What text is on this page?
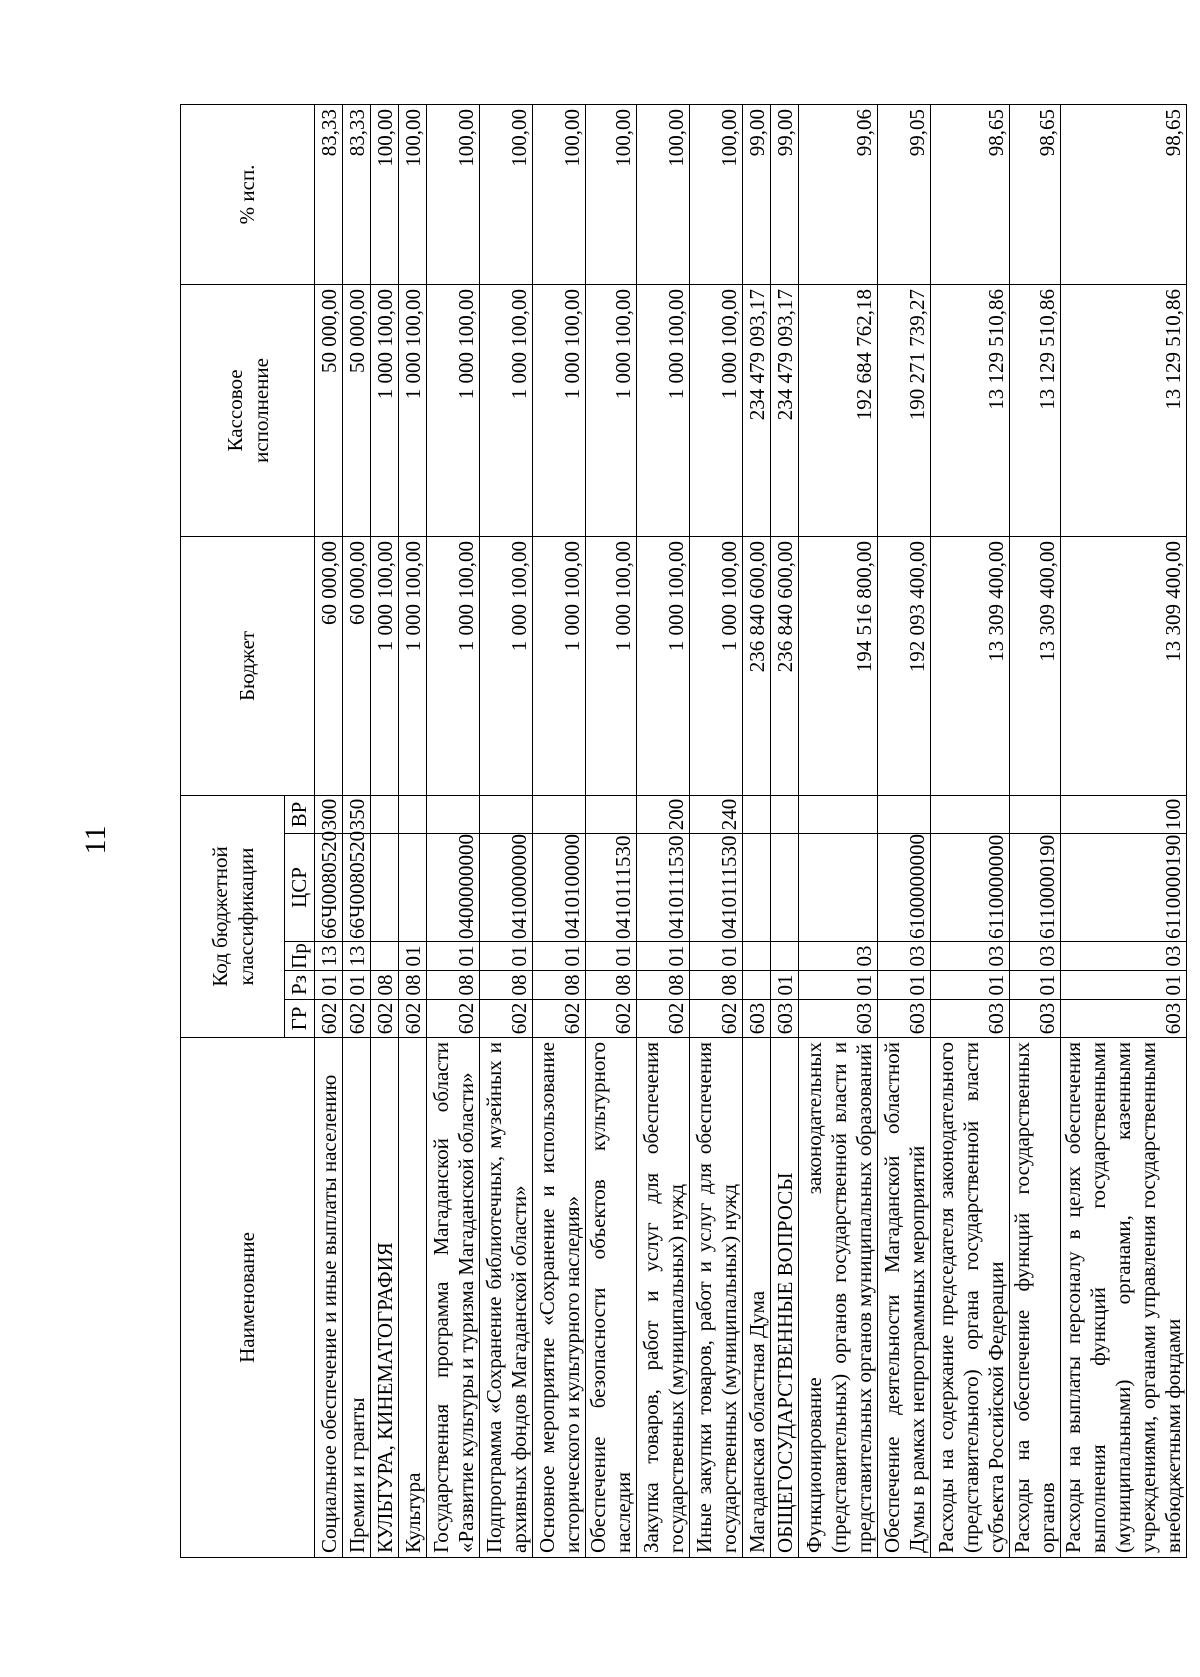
11
Наименование	Код бюджетной классификации					Бюджет	Кассовое исполнение	% исп.
	ГР	Рз	Пр	ЦСР	ВР			
Социальное обеспечение и иные выплаты населению	602	01	13	66Ч0080520	300	60 000,00	50 000,00	83,33
Премии и гранты	602	01	13	66Ч0080520	350	60 000,00	50 000,00	83,33
КУЛЬТУРА, КИНЕМАТОГРАФИЯ	602	08				1 000 100,00	1 000 100,00	100,00
Культура	602	08	01			1 000 100,00	1 000 100,00	100,00
Государственная программа Магаданской области «Развитие культуры и туризма Магаданской области»	602	08	01	0400000000		1 000 100,00	1 000 100,00	100,00
Подпрограмма «Сохранение библиотечных, музейных и архивных фондов Магаданской области»	602	08	01	0410000000		1 000 100,00	1 000 100,00	100,00
Основное мероприятие «Сохранение и использование исторического и культурного наследия»	602	08	01	0410100000		1 000 100,00	1 000 100,00	100,00
Обеспечение безопасности объектов культурного наследия	602	08	01	0410111530		1 000 100,00	1 000 100,00	100,00
Закупка товаров, работ и услуг для обеспечения государственных (муниципальных) нужд	602	08	01	0410111530	200	1 000 100,00	1 000 100,00	100,00
Иные закупки товаров, работ и услуг для обеспечения государственных (муниципальных) нужд	602	08	01	0410111530	240	1 000 100,00	1 000 100,00	100,00
Магаданская областная Дума	603					236 840 600,00	234 479 093,17	99,00
ОБЩЕГОСУДАРСТВЕННЫЕ ВОПРОСЫ	603	01				236 840 600,00	234 479 093,17	99,00
Функционирование законодательных (представительных) органов государственной власти и представительных органов муниципальных образований	603	01	03			194 516 800,00	192 684 762,18	99,06
Обеспечение деятельности Магаданской областной Думы в рамках непрограммных мероприятий	603	01	03	6100000000		192 093 400,00	190 271 739,27	99,05
Расходы на содержание председателя законодательного (представительного) органа государственной власти субъекта Российской Федерации	603	01	03	6110000000		13 309 400,00	13 129 510,86	98,65
Расходы на обеспечение функций государственных органов	603	01	03	6110000190		13 309 400,00	13 129 510,86	98,65
Расходы на выплаты персоналу в целях обеспечения выполнения функций государственными (муниципальными) органами, казенными учреждениями, органами управления государственными внебюджетными фондами	603	01	03	6110000190	100	13 309 400,00	13 129 510,86	98,65
